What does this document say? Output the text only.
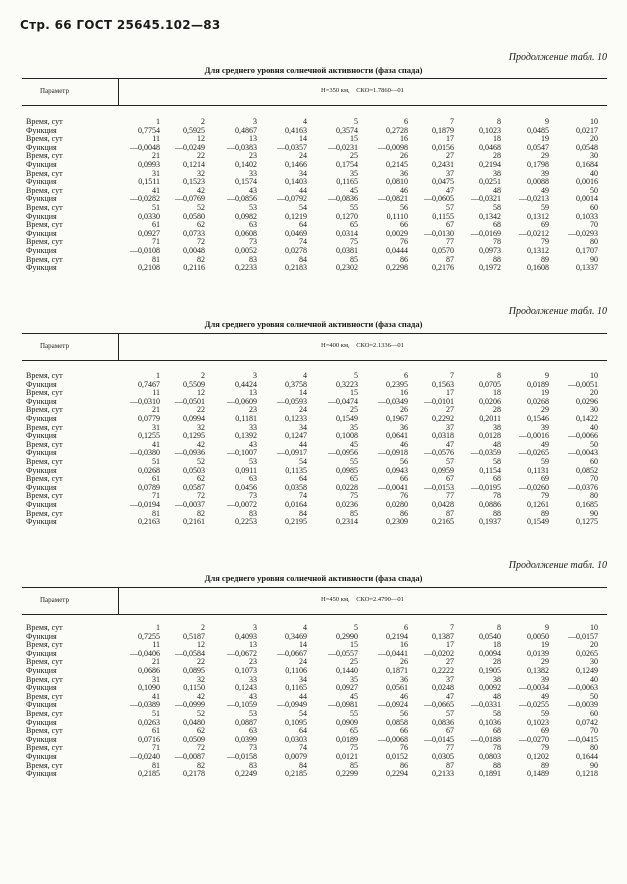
Стр. 66 ГОСТ 25645.102—83
Продолжение табл. 10
Для среднего уровня солнечной активности (фаза спада)
Параметр	H=350 км, СКО=1.7860—01
Время, сут	1	2	3	4	5	6	7	8	9	10
Функция	0,7754	0,5925	0,4867	0,4163	0,3574	0,2728	0,1879	0,1023	0,0485	0,0217
Время, сут	11	12	13	14	15	16	17	18	19	20
Функция	—0,0048	—0,0249	—0,0383	—0,0357	—0,0231	—0,0098	0,0156	0,0468	0,0547	0,0548
Время, сут	21	22	23	24	25	26	27	28	29	30
Функция	0,0993	0,1214	0,1402	0,1466	0,1754	0,2145	0,2431	0,2194	0,1798	0,1684
Время, сут	31	32	33	34	35	36	37	38	39	40
Функция	0,1511	0,1523	0,1574	0,1403	0,1165	0,0810	0,0475	0,0251	0,0088	0,0016
Время, сут	41	42	43	44	45	46	47	48	49	50
Функция	—0,0282	—0,0769	—0,0856	—0,0792	—0,0836	—0,0821	—0,0605	—0,0321	—0,0213	0,0014
Время, сут	51	52	53	54	55	56	57	58	59	60
Функция	0,0330	0,0580	0,0982	0,1219	0,1270	0,1110	0,1155	0,1342	0,1312	0,1033
Время, сут	61	62	63	64	65	66	67	68	69	70
Функция	0,0927	0,0733	0,0608	0,0469	0,0314	0,0029	—0,0130	—0,0169	—0,0212	—0,0293
Время, сут	71	72	73	74	75	76	77	78	79	80
Функция	—0,0108	0,0048	0,0052	0,0278	0,0381	0,0444	0,0570	0,0973	0,1312	0,1707
Время, сут	81	82	83	84	85	86	87	88	89	90
Функция	0,2108	0,2116	0,2233	0,2183	0,2302	0,2298	0,2176	0,1972	0,1608	0,1337
Продолжение табл. 10
Для среднего уровня солнечной активности (фаза спада)
Параметр	H=400 км, СКО=2.1336—01
Время, сут	1	2	3	4	5	6	7	8	9	10
Функция	0,7467	0,5509	0,4424	0,3758	0,3223	0,2395	0,1563	0,0705	0,0189	—0,0051
Время, сут	11	12	13	14	15	16	17	18	19	20
Функция	—0,0310	—0,0501	—0,0609	—0,0593	—0,0474	—0,0349	—0,0101	0,0206	0,0268	0,0296
Время, сут	21	22	23	24	25	26	27	28	29	30
Функция	0,0779	0,0994	0,1181	0,1233	0,1549	0,1967	0,2292	0,2011	0,1546	0,1422
Время, сут	31	32	33	34	35	36	37	38	39	40
Функция	0,1255	0,1295	0,1392	0,1247	0,1008	0,0641	0,0318	0,0128	—0,0016	—0,0066
Время, сут	41	42	43	44	45	46	47	48	49	50
Функция	—0,0380	—0,0936	—0,1007	—0,0917	—0,0956	—0,0918	—0,0576	—0,0359	—0,0265	—0,0043
Время, сут	51	52	53	54	55	56	57	58	59	60
Функция	0,0268	0,0503	0,0911	0,1135	0,0985	0,0943	0,0959	0,1154	0,1131	0,0852
Время, сут	61	62	63	64	65	66	67	68	69	70
Функция	0,0789	0,0587	0,0456	0,0358	0,0228	—0,0041	—0,0153	—0,0195	—0,0260	—0,0376
Время, сут	71	72	73	74	75	76	77	78	79	80
Функция	—0,0194	—0,0037	—0,0072	0,0164	0,0236	0,0280	0,0428	0,0886	0,1261	0,1685
Время, сут	81	82	83	84	85	86	87	88	89	90
Функция	0,2163	0,2161	0,2253	0,2195	0,2314	0,2309	0,2165	0,1937	0,1549	0,1275
Продолжение табл. 10
Для среднего уровня солнечной активности (фаза спада)
Параметр	H=450 км, СКО=2.4790—01
Время, сут	1	2	3	4	5	6	7	8	9	10
Функция	0,7255	0,5187	0,4093	0,3469	0,2990	0,2194	0,1387	0,0540	0,0050	—0,0157
Время, сут	11	12	13	14	15	16	17	18	19	20
Функция	—0,0406	—0,0584	—0,0672	—0,0667	—0,0557	—0,0441	—0,0202	0,0094	0,0139	0,0265
Время, сут	21	22	23	24	25	26	27	28	29	30
Функция	0,0686	0,0895	0,1073	0,1106	0,1440	0,1871	0,2222	0,1905	0,1382	0,1249
Время, сут	31	32	33	34	35	36	37	38	39	40
Функция	0,1090	0,1150	0,1243	0,1165	0,0927	0,0561	0,0248	0,0092	—0,0034	—0,0063
Время, сут	41	42	43	44	45	46	47	48	49	50
Функция	—0,0389	—0,0999	—0,1059	—0,0949	—0,0981	—0,0924	—0,0665	—0,0331	—0,0255	—0,0039
Время, сут	51	52	53	54	55	56	57	58	59	60
Функция	0,0263	0,0480	0,0887	0,1095	0,0909	0,0858	0,0836	0,1036	0,1023	0,0742
Время, сут	61	62	63	64	65	66	67	68	69	70
Функция	0,0716	0,0509	0,0399	0,0303	0,0189	—0,0068	—0,0145	—0,0188	—0,0270	—0,0415
Время, сут	71	72	73	74	75	76	77	78	79	80
Функция	—0,0240	—0,0087	—0,0158	0,0079	0,0121	0,0152	0,0305	0,0803	0,1202	0,1644
Время, сут	81	82	83	84	85	86	87	88	89	90
Функция	0,2185	0,2178	0,2249	0,2185	0,2299	0,2294	0,2133	0,1891	0,1489	0,1218
